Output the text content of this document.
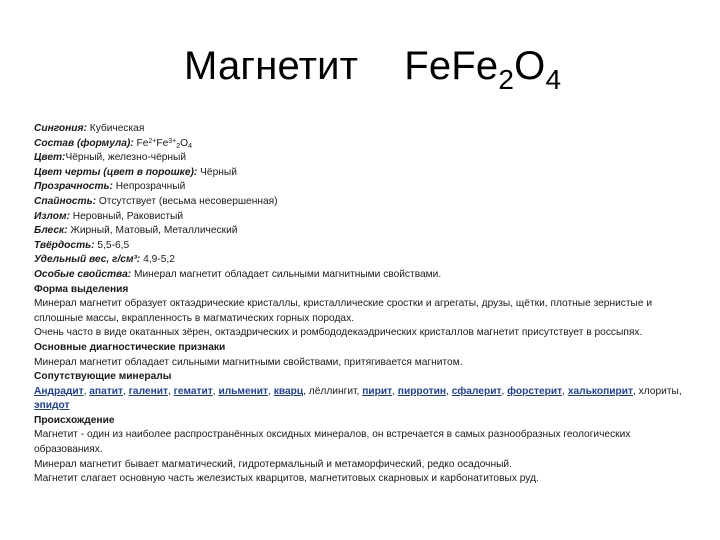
Магнетит $FeFe_2O_4$
Сингония: Кубическая
Состав (формула): $Fe^{2+}Fe^{3+}_2O_4$
Цвет:Чёрный, железно-чёрный
Цвет черты (цвет в порошке): Чёрный
Прозрачность: Непрозрачный
Спайность: Отсутствует (весьма несовершенная)
Излом: Неровный, Раковистый
Блеск: Жирный, Матовый, Металлический
Твёрдость: 5,5-6,5
Удельный вес, г/см³: 4,9-5,2
Особые свойства: Минерал магнетит обладает сильными магнитными свойствами.
Форма выделения
Минерал магнетит образует октаэдрические кристаллы, кристаллические сростки и агрегаты, друзы, щётки, плотные зернистые и сплошные массы, вкрапленность в магматических горных породах.
Очень часто в виде окатанных зёрен, октаэдрических и ромбододекаэдрических кристаллов магнетит присутствует в россыпях.
Основные диагностические признаки
Минерал магнетит обладает сильными магнитными свойствами, притягивается магнитом.
Сопутствующие минералы
Андрадит, апатит, галенит, гематит, ильменит, кварц, лёллингит, пирит, пирротин, сфалерит, форстерит, халькопирит, хлориты, эпидот
Происхождение
Магнетит - один из наиболее распространённых оксидных минералов, он встречается в самых разнообразных геологических образованиях.
Минерал магнетит бывает магматический, гидротермальный и метаморфический, редко осадочный.
Магнетит слагает основную часть железистых кварцитов, магнетитовых скарновых и карбонатитовых руд.
